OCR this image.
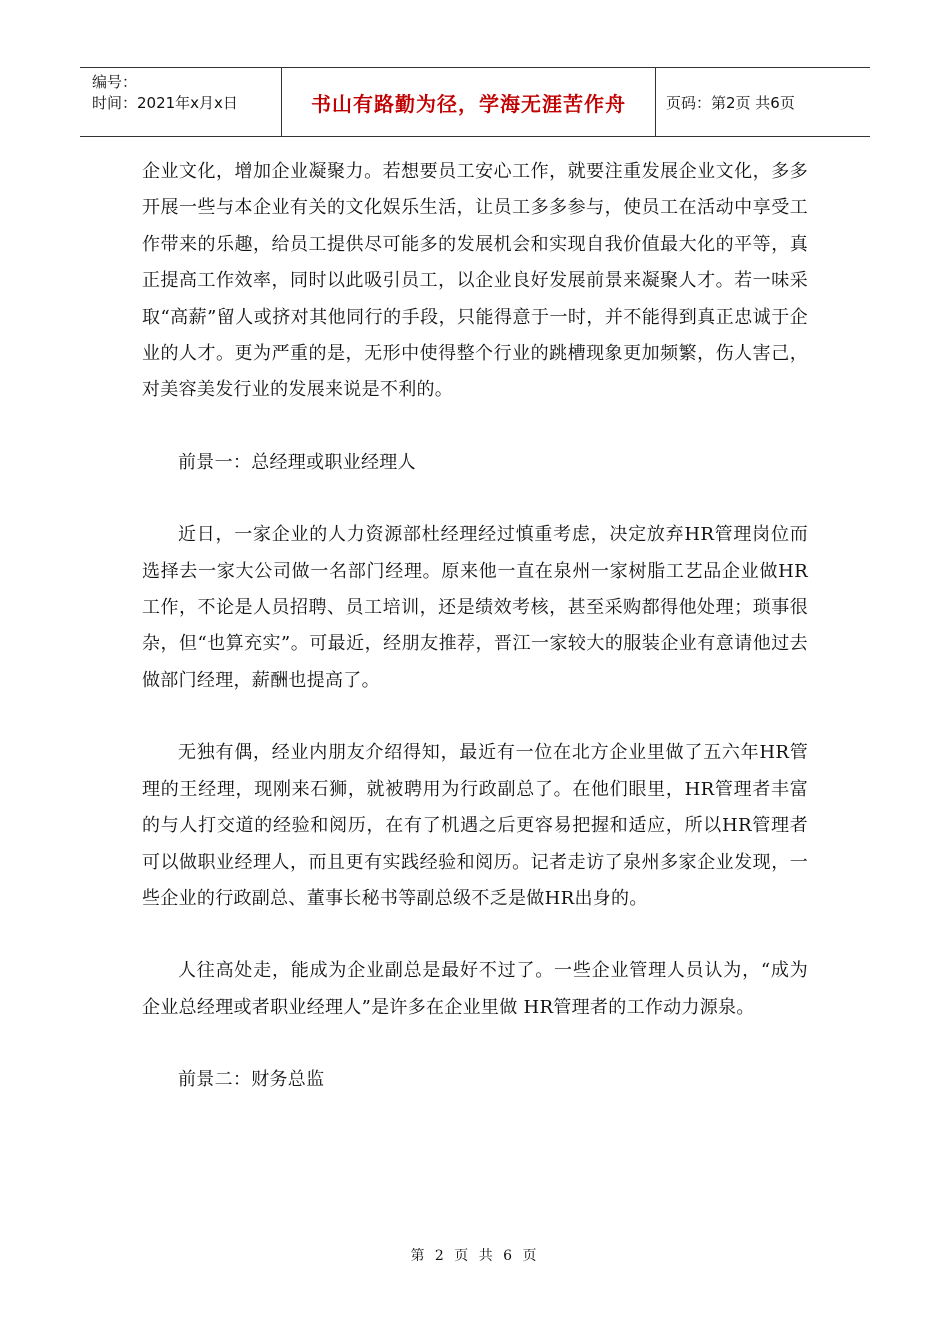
编号：
时间：2021年x月x日	书山有路勤为径，学海无涯苦作舟	页码：第2页 共6页

企业文化，增加企业凝聚力。若想要员工安心工作，就要注重发展企业文化，多多开展一些与本企业有关的文化娱乐生活，让员工多多参与，使员工在活动中享受工作带来的乐趣，给员工提供尽可能多的发展机会和实现自我价值最大化的平等，真正提高工作效率，同时以此吸引员工，以企业良好发展前景来凝聚人才。若一味采取“高薪”留人或挤对其他同行的手段，只能得意于一时，并不能得到真正忠诚于企业的人才。更为严重的是，无形中使得整个行业的跳槽现象更加频繁，伤人害己，对美容美发行业的发展来说是不利的。

前景一：总经理或职业经理人

近日，一家企业的人力资源部杜经理经过慎重考虑，决定放弃HR管理岗位而选择去一家大公司做一名部门经理。原来他一直在泉州一家树脂工艺品企业做HR工作，不论是人员招聘、员工培训，还是绩效考核，甚至采购都得他处理；琐事很杂，但“也算充实”。可最近，经朋友推荐，晋江一家较大的服装企业有意请他过去做部门经理，薪酬也提高了。

无独有偶，经业内朋友介绍得知，最近有一位在北方企业里做了五六年HR管理的王经理，现刚来石狮，就被聘用为行政副总了。在他们眼里，HR管理者丰富的与人打交道的经验和阅历，在有了机遇之后更容易把握和适应，所以HR管理者可以做职业经理人，而且更有实践经验和阅历。记者走访了泉州多家企业发现，一些企业的行政副总、董事长秘书等副总级不乏是做HR出身的。

人往高处走，能成为企业副总是最好不过了。一些企业管理人员认为，“成为企业总经理或者职业经理人”是许多在企业里做 HR管理者的工作动力源泉。

前景二：财务总监

第 2 页 共 6 页
